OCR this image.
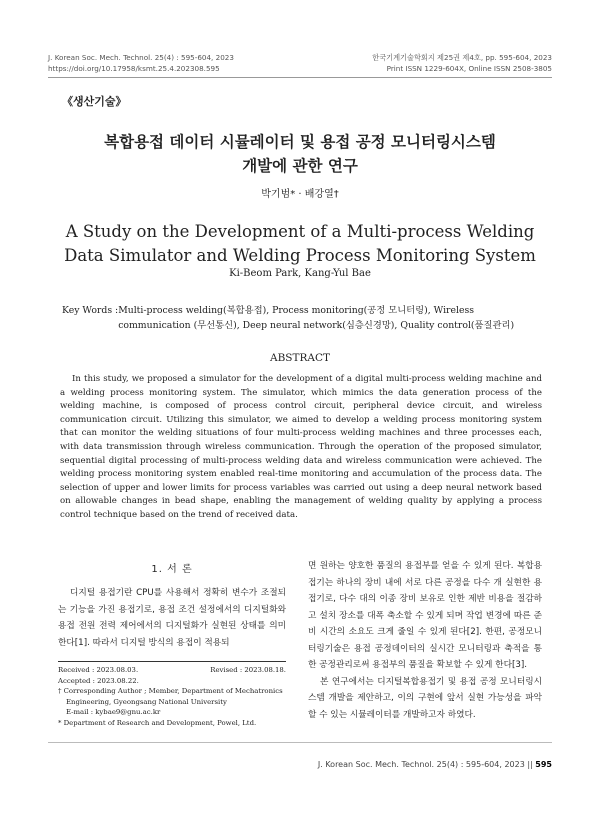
J. Korean Soc. Mech. Technol. 25(4) : 595-604, 2023
https://doi.org/10.17958/ksmt.25.4.202308.595
한국기계기술학회지 제25권 제4호, pp. 595-604, 2023
Print ISSN 1229-604X, Online ISSN 2508-3805
《생산기술》
복합용접 데이터 시뮬레이터 및 용접 공정 모니터링시스템
개발에 관한 연구
박기범* · 배강열†
A Study on the Development of a Multi-process Welding
Data Simulator and Welding Process Monitoring System
Ki-Beom Park, Kang-Yul Bae
Key Words : Multi-process welding(복합용접), Process monitoring(공정 모니터링), Wireless communication (무선통신), Deep neural network(심층신경망), Quality control(품질관리)
ABSTRACT
In this study, we proposed a simulator for the development of a digital multi-process welding machine and a welding process monitoring system. The simulator, which mimics the data generation process of the welding machine, is composed of process control circuit, peripheral device circuit, and wireless communication circuit. Utilizing this simulator, we aimed to develop a welding process monitoring system that can monitor the welding situations of four multi-process welding machines and three processes each, with data transmission through wireless communication. Through the operation of the proposed simulator, sequential digital processing of multi-process welding data and wireless communication were achieved. The welding process monitoring system enabled real-time monitoring and accumulation of the process data. The selection of upper and lower limits for process variables was carried out using a deep neural network based on allowable changes in bead shape, enabling the management of welding quality by applying a process control technique based on the trend of received data.
1. 서 론

디지털 용접기란 CPU를 사용해서 정확히 변수가 조절되는 기능을 가진 용접기로, 용접 조건 설정에서의 디지털화와 용접 전원 전력 제어에서의 디지털화가 실현된 상태를 의미한다[1]. 따라서 디지털 방식의 용접이 적용되

Received : 2023.08.03.	Revised : 2023.08.18.
Accepted : 2023.08.22.
† Corresponding Author ; Member, Department of Mechatronics
Engineering, Gyeongsang National University
E-mail : kybae9@gnu.ac.kr
* Department of Research and Development, Powel, Ltd.

면 원하는 양호한 품질의 용접부를 얻을 수 있게 된다. 복합용접기는 하나의 장비 내에 서로 다른 공정을 다수 개 실현한 용접기로, 다수 대의 이종 장비 보유로 인한 제반 비용을 절감하고 설치 장소를 대폭 축소할 수 있게 되며 작업 변경에 따른 준비 시간의 소요도 크게 줄일 수 있게 된다[2]. 한편, 공정모니터링기술은 용접 공정데이터의 실시간 모니터링과 축적을 통한 공정관리로써 용접부의 품질을 확보할 수 있게 한다[3].

본 연구에서는 디지털복합용접기 및 용접 공정 모니터링시스템 개발을 제안하고, 이의 구현에 앞서 실현 가능성을 파악할 수 있는 시뮬레이터를 개발하고자 하였다.

J. Korean Soc. Mech. Technol. 25(4) : 595-604, 2023 || 595
